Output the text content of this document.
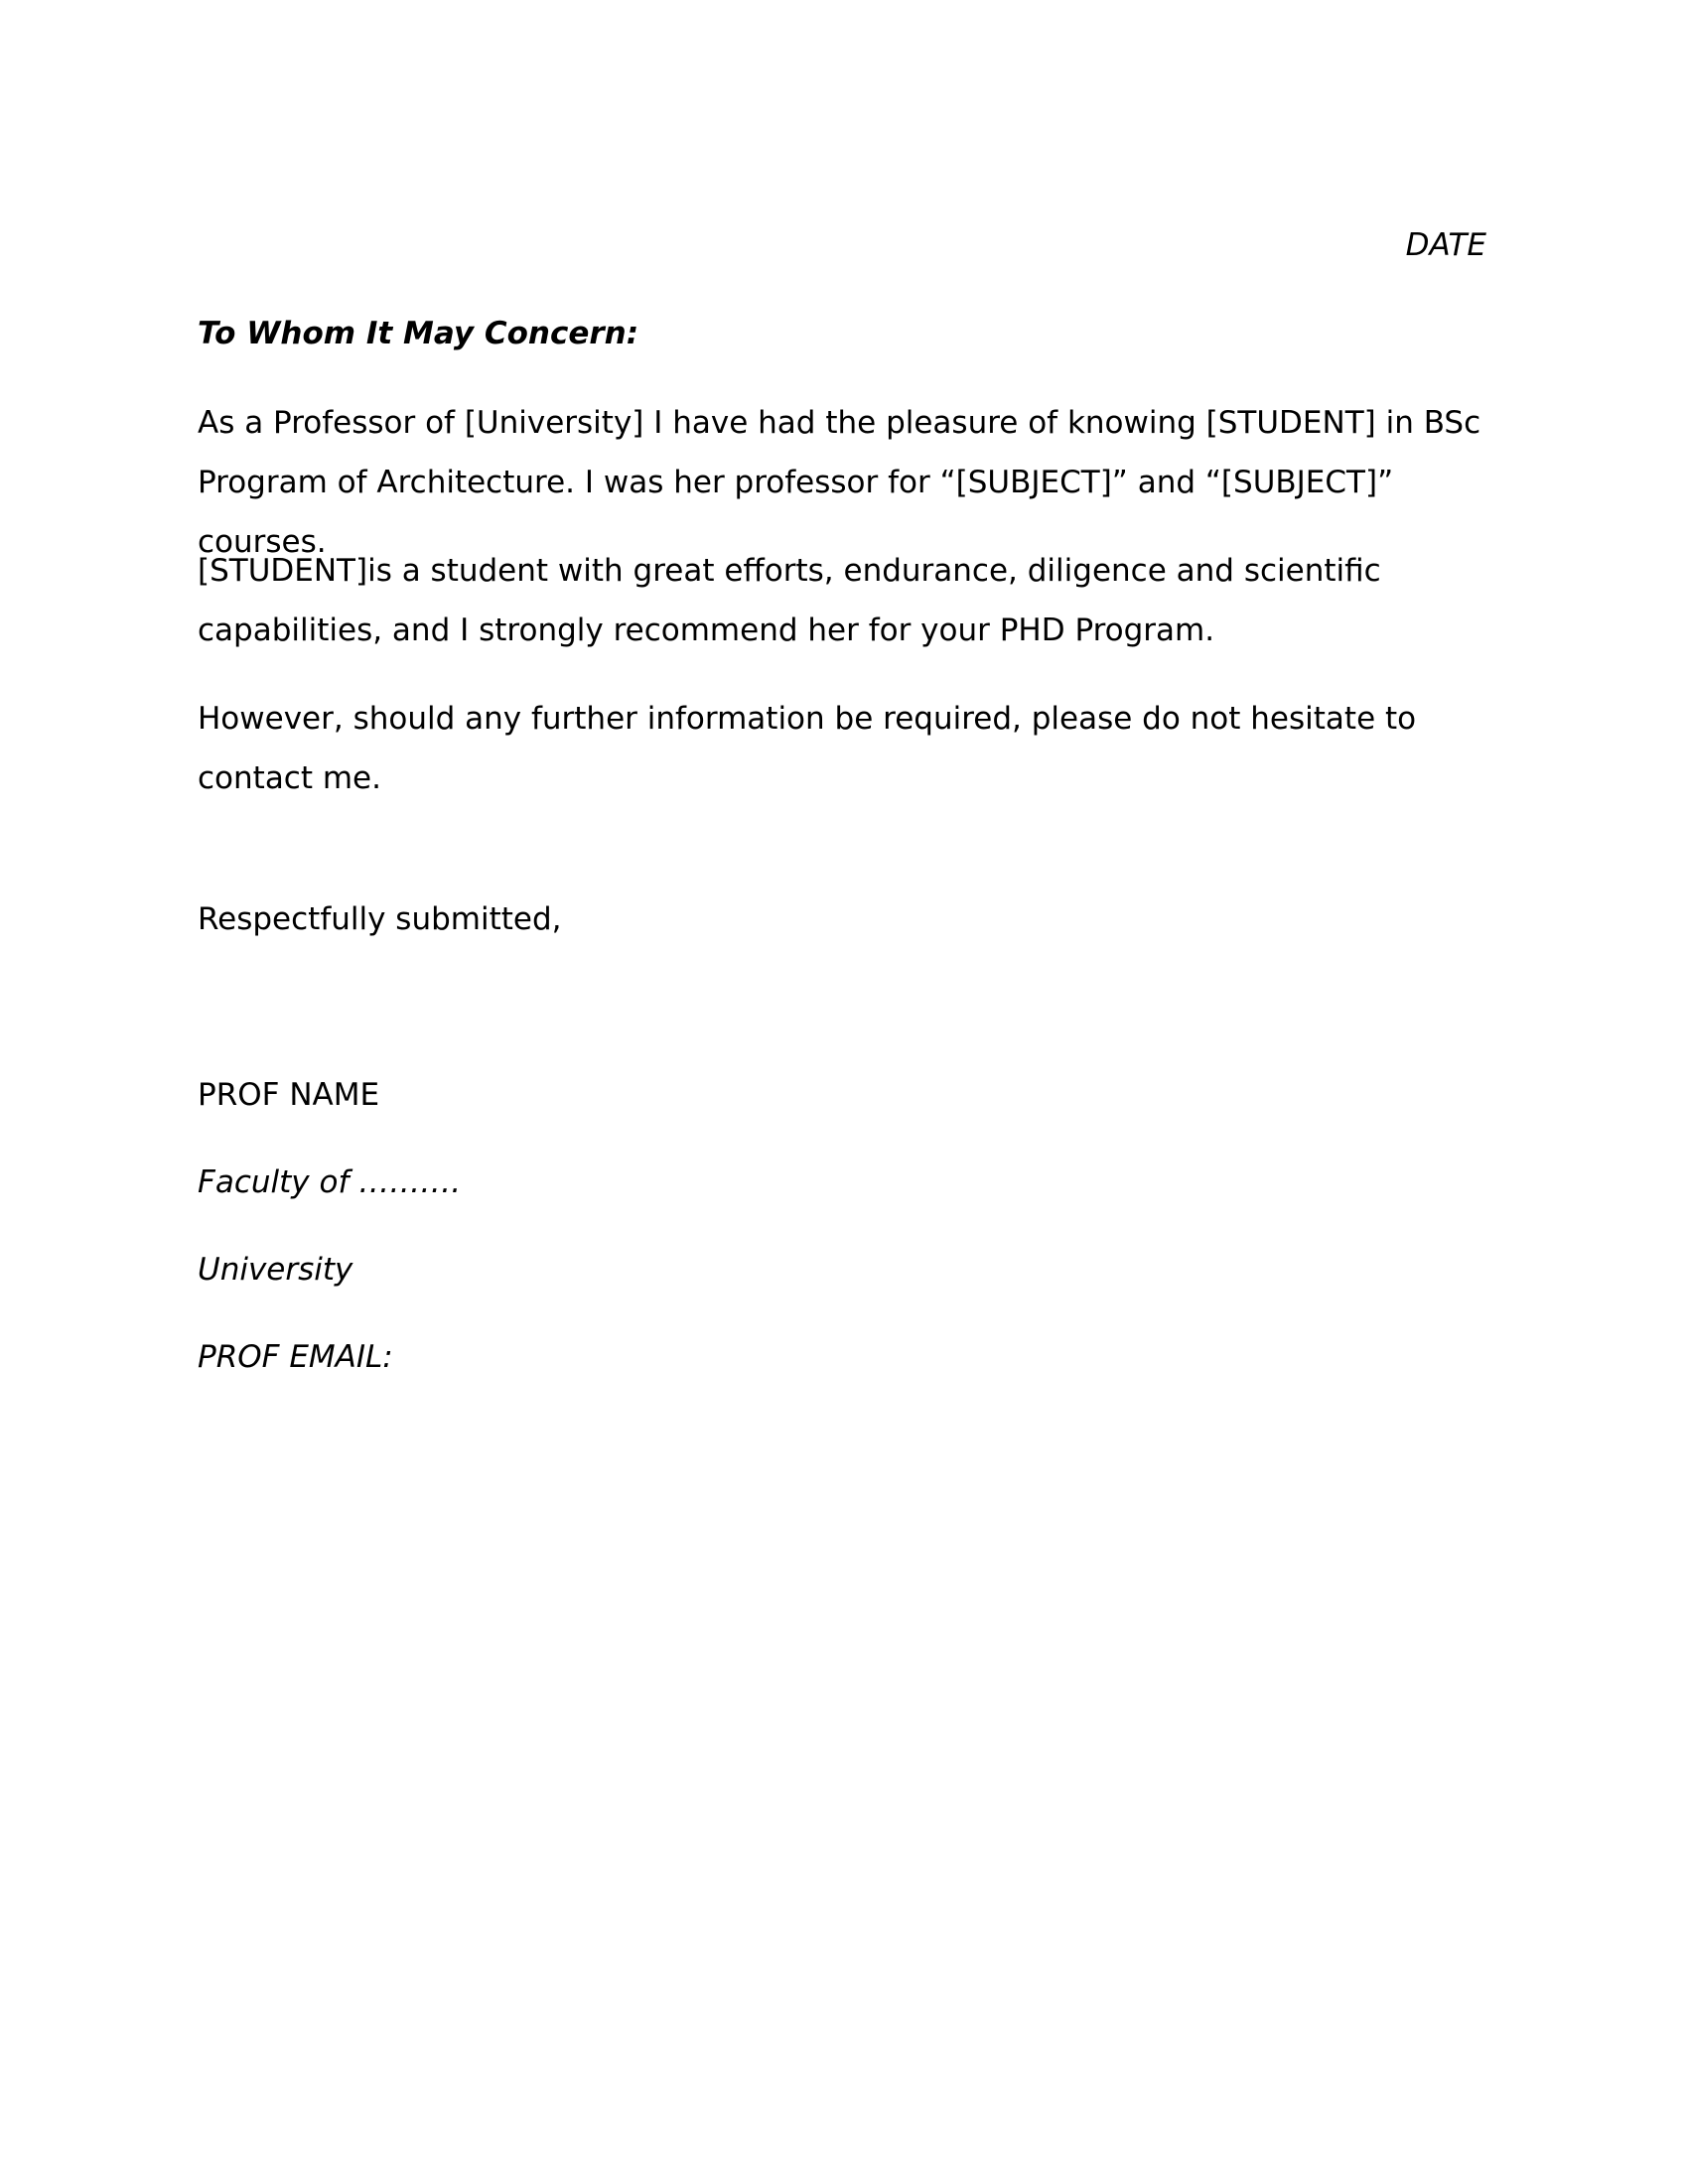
DATE
To Whom It May Concern:
As a Professor of [University] I have had the pleasure of knowing [STUDENT] in BSc Program of Architecture. I was her professor for “[SUBJECT]” and “[SUBJECT]” courses.
[STUDENT]is a student with great efforts, endurance, diligence and scientific capabilities, and I strongly recommend her for your PHD Program.
However, should any further information be required, please do not hesitate to contact me.
Respectfully submitted,
PROF NAME
Faculty of ……….
University
PROF EMAIL:
